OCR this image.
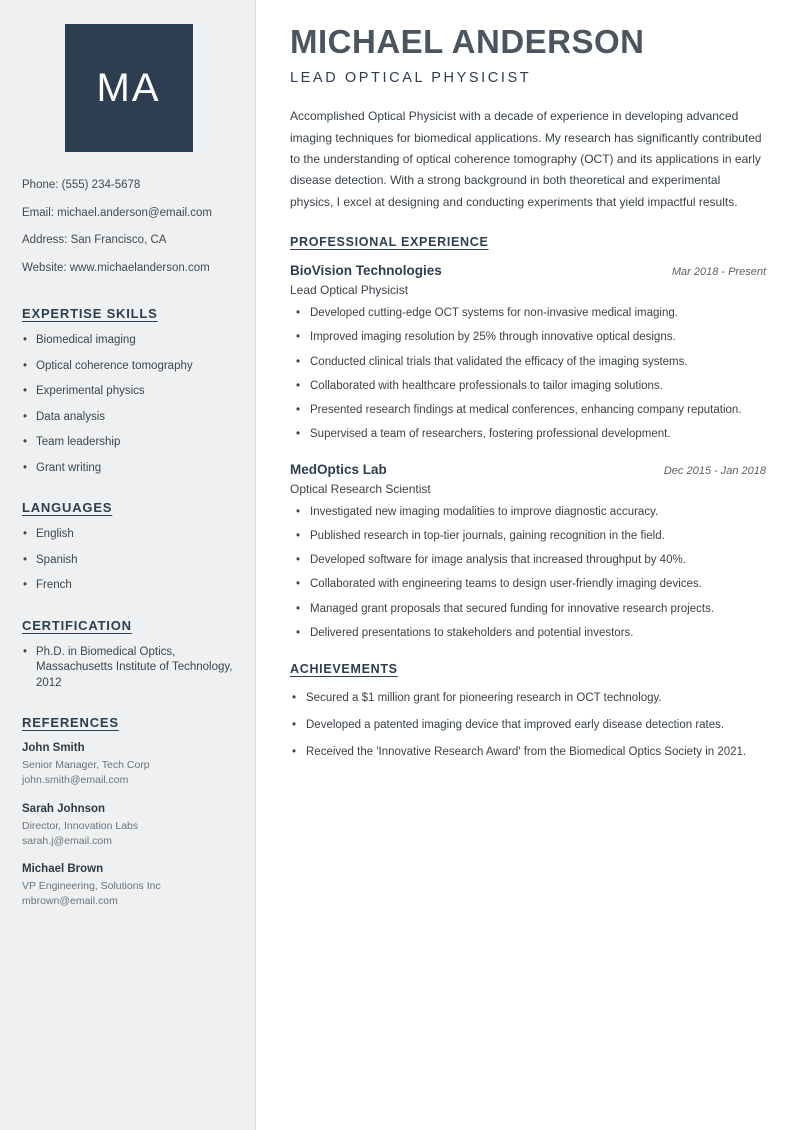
MA
Phone: (555) 234-5678
Email: michael.anderson@email.com
Address: San Francisco, CA
Website: www.michaelanderson.com
EXPERTISE SKILLS
• Biomedical imaging
• Optical coherence tomography
• Experimental physics
• Data analysis
• Team leadership
• Grant writing
LANGUAGES
• English
• Spanish
• French
CERTIFICATION
• Ph.D. in Biomedical Optics, Massachusetts Institute of Technology, 2012
REFERENCES
John Smith
Senior Manager, Tech Corp
john.smith@email.com
Sarah Johnson
Director, Innovation Labs
sarah.j@email.com
Michael Brown
VP Engineering, Solutions Inc
mbrown@email.com
MICHAEL ANDERSON
LEAD OPTICAL PHYSICIST

Accomplished Optical Physicist with a decade of experience in developing advanced imaging techniques for biomedical applications. My research has significantly contributed to the understanding of optical coherence tomography (OCT) and its applications in early disease detection. With a strong background in both theoretical and experimental physics, I excel at designing and conducting experiments that yield impactful results.

PROFESSIONAL EXPERIENCE
BioVision Technologies	Mar 2018 - Present
Lead Optical Physicist
• Developed cutting-edge OCT systems for non-invasive medical imaging.
• Improved imaging resolution by 25% through innovative optical designs.
• Conducted clinical trials that validated the efficacy of the imaging systems.
• Collaborated with healthcare professionals to tailor imaging solutions.
• Presented research findings at medical conferences, enhancing company reputation.
• Supervised a team of researchers, fostering professional development.
MedOptics Lab	Dec 2015 - Jan 2018
Optical Research Scientist
• Investigated new imaging modalities to improve diagnostic accuracy.
• Published research in top-tier journals, gaining recognition in the field.
• Developed software for image analysis that increased throughput by 40%.
• Collaborated with engineering teams to design user-friendly imaging devices.
• Managed grant proposals that secured funding for innovative research projects.
• Delivered presentations to stakeholders and potential investors.
ACHIEVEMENTS
• Secured a $1 million grant for pioneering research in OCT technology.
• Developed a patented imaging device that improved early disease detection rates.
• Received the 'Innovative Research Award' from the Biomedical Optics Society in 2021.
